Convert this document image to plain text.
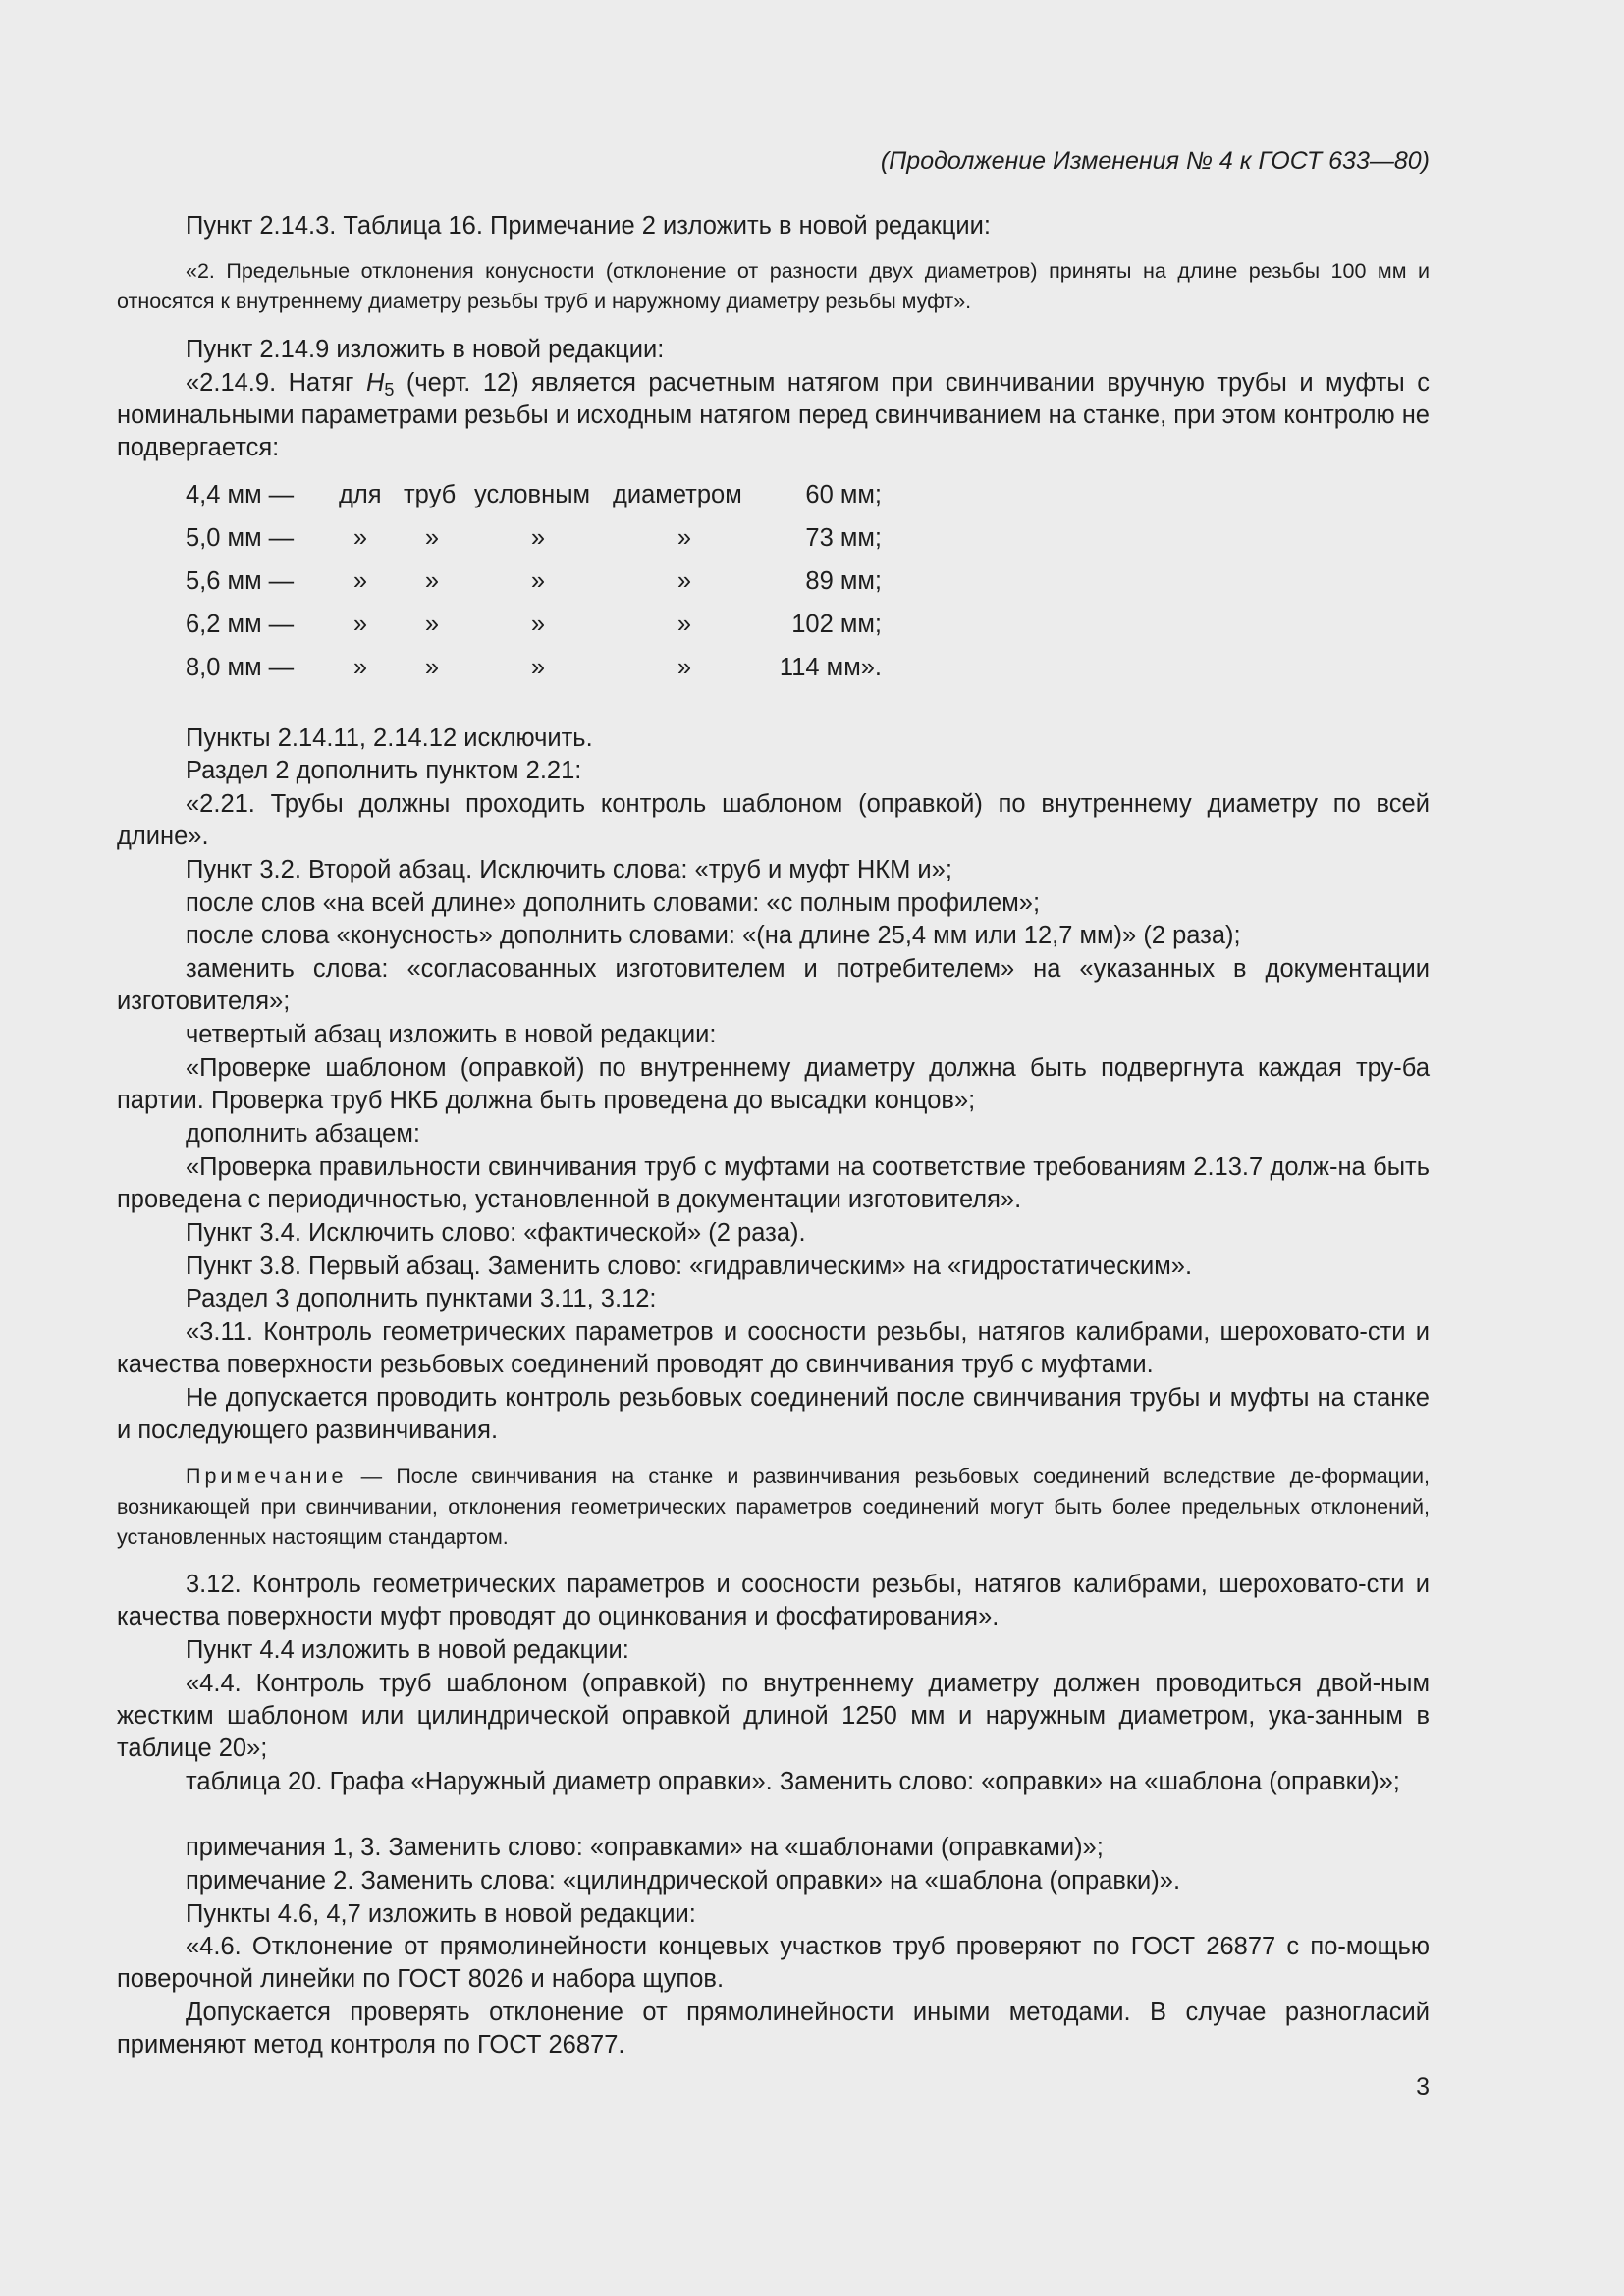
(Продолжение Изменения № 4 к ГОСТ 633—80)

Пункт 2.14.3. Таблица 16. Примечание 2 изложить в новой редакции:

«2. Предельные отклонения конусности (отклонение от разности двух диаметров) приняты на длине резьбы 100 мм и относятся к внутреннему диаметру резьбы труб и наружному диаметру резьбы муфт».

Пункт 2.14.9 изложить в новой редакции:

«2.14.9. Натяг $H_5$ (черт. 12) является расчетным натягом при свинчивании вручную трубы и муфты с номинальными параметрами резьбы и исходным натягом перед свинчиванием на станке, при этом контролю не подвергается:

4,4 мм — для труб условным диаметром	60 мм;
5,0 мм —	»	»	»	»	73 мм;
5,6 мм —	»	»	»	»	89 мм;
6,2 мм —	»	»	»	»	102 мм;
8,0 мм —	»	»	»	»	114 мм».

Пункты 2.14.11, 2.14.12 исключить.

Раздел 2 дополнить пунктом 2.21:

«2.21. Трубы должны проходить контроль шаблоном (оправкой) по внутреннему диаметру по всей длине».

Пункт 3.2. Второй абзац. Исключить слова: «труб и муфт НКМ и»;

после слов «на всей длине» дополнить словами: «с полным профилем»;

после слова «конусность» дополнить словами: «(на длине 25,4 мм или 12,7 мм)» (2 раза);

заменить слова: «согласованных изготовителем и потребителем» на «указанных в документации изготовителя»;

четвертый абзац изложить в новой редакции:

«Проверке шаблоном (оправкой) по внутреннему диаметру должна быть подвергнута каждая тру-ба партии. Проверка труб НКБ должна быть проведена до высадки концов»;

дополнить абзацем:

«Проверка правильности свинчивания труб с муфтами на соответствие требованиям 2.13.7 долж-на быть проведена с периодичностью, установленной в документации изготовителя».

Пункт 3.4. Исключить слово: «фактической» (2 раза).

Пункт 3.8. Первый абзац. Заменить слово: «гидравлическим» на «гидростатическим».

Раздел 3 дополнить пунктами 3.11, 3.12:

«3.11. Контроль геометрических параметров и соосности резьбы, натягов калибрами, шероховато-сти и качества поверхности резьбовых соединений проводят до свинчивания труб с муфтами.

Не допускается проводить контроль резьбовых соединений после свинчивания трубы и муфты на станке и последующего развинчивания.

Примечание — После свинчивания на станке и развинчивания резьбовых соединений вследствие де-формации, возникающей при свинчивании, отклонения геометрических параметров соединений могут быть более предельных отклонений, установленных настоящим стандартом.

3.12. Контроль геометрических параметров и соосности резьбы, натягов калибрами, шероховато-сти и качества поверхности муфт проводят до оцинкования и фосфатирования».

Пункт 4.4 изложить в новой редакции:

«4.4. Контроль труб шаблоном (оправкой) по внутреннему диаметру должен проводиться двой-ным жестким шаблоном или цилиндрической оправкой длиной 1250 мм и наружным диаметром, ука-занным в таблице 20»;

таблица 20. Графа «Наружный диаметр оправки». Заменить слово: «оправки» на «шаблона (оправки)»;

примечания 1, 3. Заменить слово: «оправками» на «шаблонами (оправками)»;

примечание 2. Заменить слова: «цилиндрической оправки» на «шаблона (оправки)».

Пункты 4.6, 4,7 изложить в новой редакции:

«4.6. Отклонение от прямолинейности концевых участков труб проверяют по ГОСТ 26877 с по-мощью поверочной линейки по ГОСТ 8026 и набора щупов.

Допускается проверять отклонение от прямолинейности иными методами. В случае разногласий применяют метод контроля по ГОСТ 26877.

3
